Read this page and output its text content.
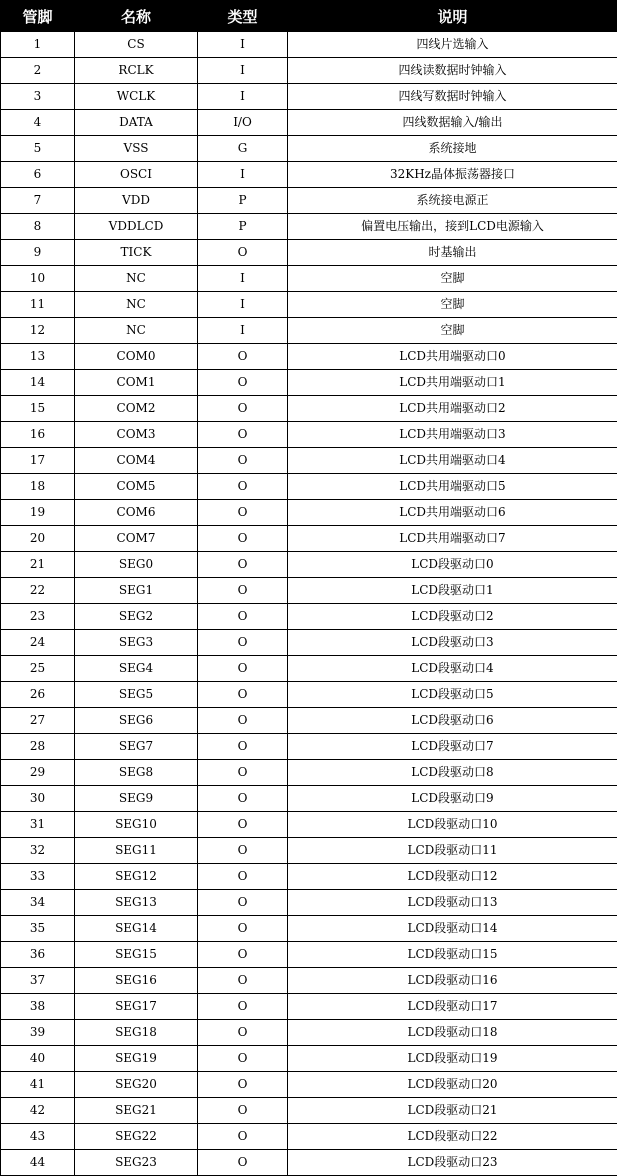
管脚	名称	类型	说明
1	CS	I	四线片选输入
2	RCLK	I	四线读数据时钟输入
3	WCLK	I	四线写数据时钟输入
4	DATA	I/O	四线数据输入/输出
5	VSS	G	系统接地
6	OSCI	I	32KHz晶体振荡器接口
7	VDD	P	系统接电源正
8	VDDLCD	P	偏置电压输出，接到LCD电源输入
9	TICK	O	时基输出
10	NC	I	空脚
11	NC	I	空脚
12	NC	I	空脚
13	COM0	O	LCD共用端驱动口0
14	COM1	O	LCD共用端驱动口1
15	COM2	O	LCD共用端驱动口2
16	COM3	O	LCD共用端驱动口3
17	COM4	O	LCD共用端驱动口4
18	COM5	O	LCD共用端驱动口5
19	COM6	O	LCD共用端驱动口6
20	COM7	O	LCD共用端驱动口7
21	SEG0	O	LCD段驱动口0
22	SEG1	O	LCD段驱动口1
23	SEG2	O	LCD段驱动口2
24	SEG3	O	LCD段驱动口3
25	SEG4	O	LCD段驱动口4
26	SEG5	O	LCD段驱动口5
27	SEG6	O	LCD段驱动口6
28	SEG7	O	LCD段驱动口7
29	SEG8	O	LCD段驱动口8
30	SEG9	O	LCD段驱动口9
31	SEG10	O	LCD段驱动口10
32	SEG11	O	LCD段驱动口11
33	SEG12	O	LCD段驱动口12
34	SEG13	O	LCD段驱动口13
35	SEG14	O	LCD段驱动口14
36	SEG15	O	LCD段驱动口15
37	SEG16	O	LCD段驱动口16
38	SEG17	O	LCD段驱动口17
39	SEG18	O	LCD段驱动口18
40	SEG19	O	LCD段驱动口19
41	SEG20	O	LCD段驱动口20
42	SEG21	O	LCD段驱动口21
43	SEG22	O	LCD段驱动口22
44	SEG23	O	LCD段驱动口23
